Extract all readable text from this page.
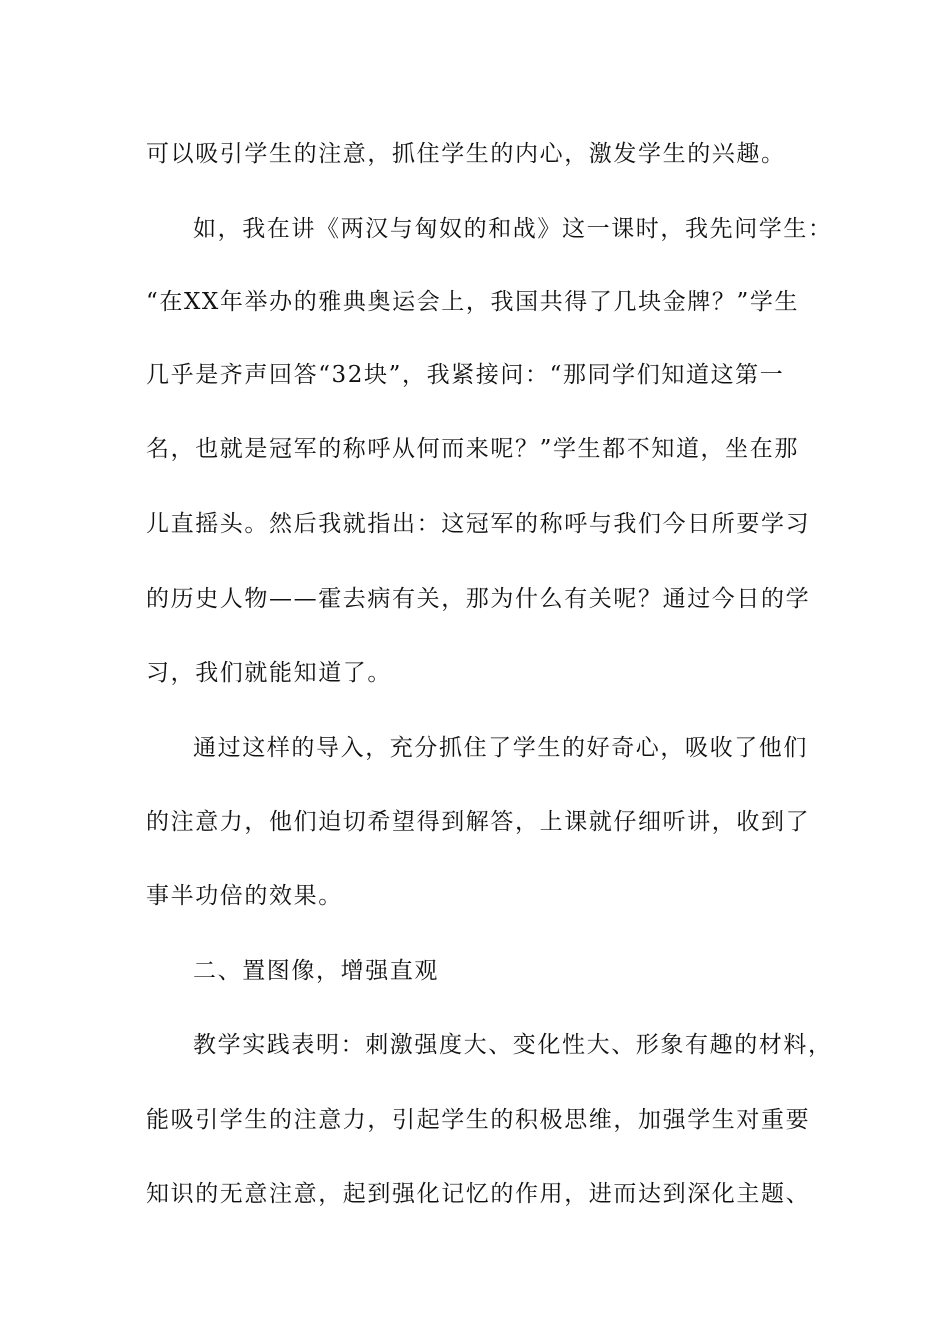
可以吸引学生的注意，抓住学生的内心，激发学生的兴趣。
如，我在讲《两汉与匈奴的和战》这一课时，我先问学生：
“在XX年举办的雅典奥运会上，我国共得了几块金牌？”学生
几乎是齐声回答“32块”，我紧接问：“那同学们知道这第一
名，也就是冠军的称呼从何而来呢？”学生都不知道，坐在那
儿直摇头。然后我就指出：这冠军的称呼与我们今日所要学习
的历史人物——霍去病有关，那为什么有关呢？通过今日的学
习，我们就能知道了。
通过这样的导入，充分抓住了学生的好奇心，吸收了他们
的注意力，他们迫切希望得到解答，上课就仔细听讲，收到了
事半功倍的效果。
二、置图像，增强直观
教学实践表明：刺激强度大、变化性大、形象有趣的材料，
能吸引学生的注意力，引起学生的积极思维，加强学生对重要
知识的无意注意，起到强化记忆的作用，进而达到深化主题、
